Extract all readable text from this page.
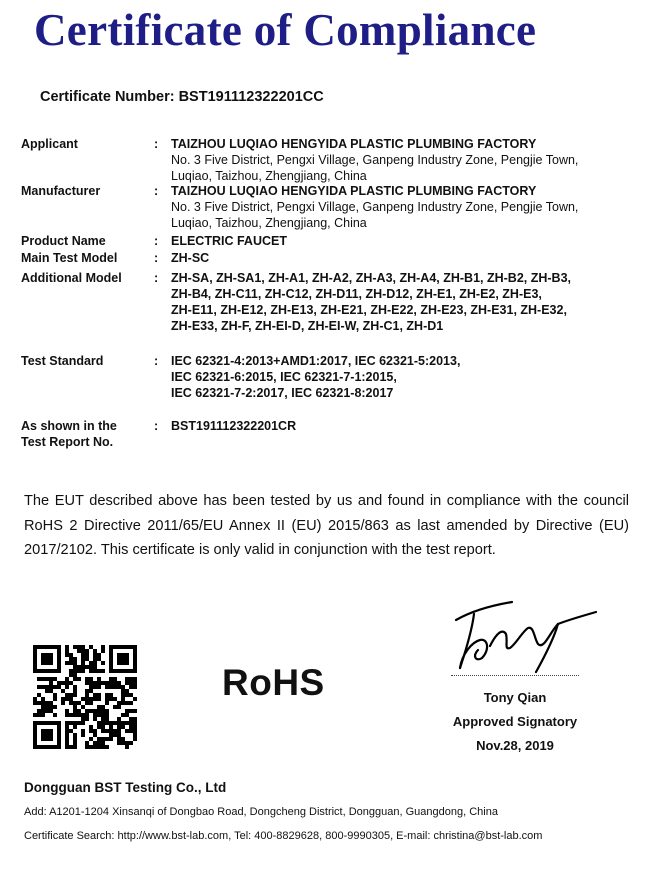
Certificate of Compliance
Certificate Number: BST191112322201CC
Applicant	: TAIZHOU LUQIAO HENGYIDA PLASTIC PLUMBING FACTORY
No. 3 Five District, Pengxi Village, Ganpeng Industry Zone, Pengjie Town,
Luqiao, Taizhou, Zhengjiang, China
Manufacturer	: TAIZHOU LUQIAO HENGYIDA PLASTIC PLUMBING FACTORY
No. 3 Five District, Pengxi Village, Ganpeng Industry Zone, Pengjie Town,
Luqiao, Taizhou, Zhengjiang, China
Product Name	: ELECTRIC FAUCET
Main Test Model	: ZH-SC
Additional Model	: ZH-SA, ZH-SA1, ZH-A1, ZH-A2, ZH-A3, ZH-A4, ZH-B1, ZH-B2, ZH-B3,
ZH-B4, ZH-C11, ZH-C12, ZH-D11, ZH-D12, ZH-E1, ZH-E2, ZH-E3,
ZH-E11, ZH-E12, ZH-E13, ZH-E21, ZH-E22, ZH-E23, ZH-E31, ZH-E32,
ZH-E33, ZH-F, ZH-EI-D, ZH-EI-W, ZH-C1, ZH-D1
Test Standard	: IEC 62321-4:2013+AMD1:2017, IEC 62321-5:2013,
IEC 62321-6:2015, IEC 62321-7-1:2015,
IEC 62321-7-2:2017, IEC 62321-8:2017
As shown in the
Test Report No.
: BST191112322201CR
The EUT described above has been tested by us and found in compliance with the council RoHS 2 Directive 2011/65/EU Annex II (EU) 2015/863 as last amended by Directive (EU) 2017/2102. This certificate is only valid in conjunction with the test report.
RoHS	Tony Qian
Approved Signatory
Nov.28, 2019
Dongguan BST Testing Co., Ltd
Add: A1201-1204 Xinsanqi of Dongbao Road, Dongcheng District, Dongguan, Guangdong, China
Certificate Search: http://www.bst-lab.com, Tel: 400-8829628, 800-9990305, E-mail: christina@bst-lab.com
